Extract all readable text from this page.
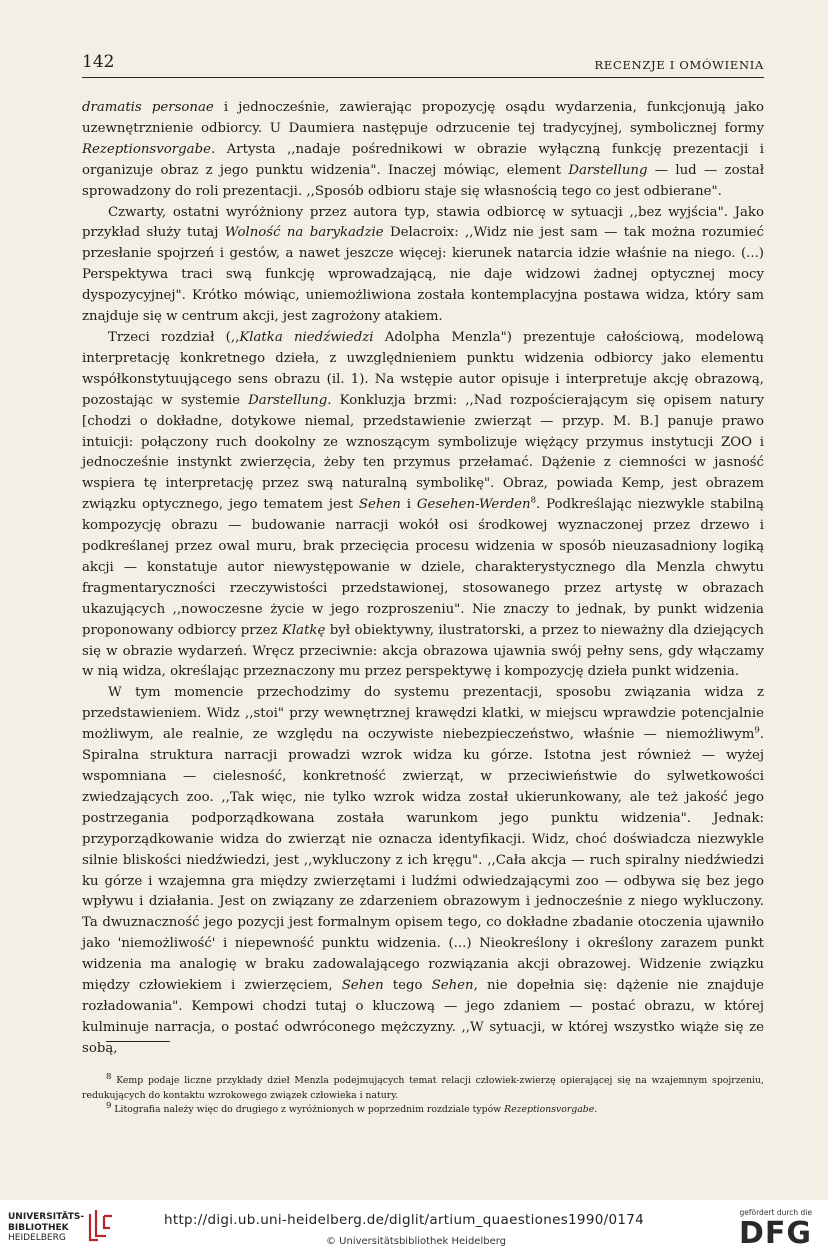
142	RECENZJE I OMÓWIENIA

dramatis personae i jednocześnie, zawierając propozycję osądu wydarzenia, funkcjonują jako uzewnętrznienie odbiorcy. U Daumiera następuje odrzucenie tej tradycyjnej, symbolicznej formy Rezeptionsvorgabe. Artysta ,,nadaje pośrednikowi w obrazie wyłączną funkcję prezentacji i organizuje obraz z jego punktu widzenia". Inaczej mówiąc, element Darstellung — lud — został sprowadzony do roli prezentacji. ,,Sposób odbioru staje się własnością tego co jest odbierane".

Czwarty, ostatni wyróżniony przez autora typ, stawia odbiorcę w sytuacji ,,bez wyjścia". Jako przykład służy tutaj Wolność na barykadzie Delacroix: ,,Widz nie jest sam — tak można rozumieć przesłanie spojrzeń i gestów, a nawet jeszcze więcej: kierunek natarcia idzie właśnie na niego. (...) Perspektywa traci swą funkcję wprowadzającą, nie daje widzowi żadnej optycznej mocy dyspozycyjnej". Krótko mówiąc, uniemożliwiona została kontemplacyjna postawa widza, który sam znajduje się w centrum akcji, jest zagrożony atakiem.

Trzeci rozdział (,,Klatka niedźwiedzi Adolpha Menzla") prezentuje całościową, modelową interpretację konkretnego dzieła, z uwzględnieniem punktu widzenia odbiorcy jako elementu współkonstytuującego sens obrazu (il. 1). Na wstępie autor opisuje i interpretuje akcję obrazową, pozostając w systemie Darstellung. Konkluzja brzmi: ,,Nad rozpościerającym się opisem natury [chodzi o dokładne, dotykowe niemal, przedstawienie zwierząt — przyp. M. B.] panuje prawo intuicji: połączony ruch dookolny ze wznoszącym symbolizuje więżący przymus instytucji ZOO i jednocześnie instynkt zwierzęcia, żeby ten przymus przełamać. Dążenie z ciemności w jasność wspiera tę interpretację przez swą naturalną symbolikę". Obraz, powiada Kemp, jest obrazem związku optycznego, jego tematem jest Sehen i Gesehen-Werden$^8$. Podkreślając niezwykle stabilną kompozycję obrazu — budowanie narracji wokół osi środkowej wyznaczonej przez drzewo i podkreślanej przez owal muru, brak przecięcia procesu widzenia w sposób nieuzasadniony logiką akcji — konstatuje autor niewystępowanie w dziele, charakterystycznego dla Menzla chwytu fragmentaryczności rzeczywistości przedstawionej, stosowanego przez artystę w obrazach ukazujących ,,nowoczesne życie w jego rozproszeniu". Nie znaczy to jednak, by punkt widzenia proponowany odbiorcy przez Klatkę był obiektywny, ilustratorski, a przez to nieważny dla dziejących się w obrazie wydarzeń. Wręcz przeciwnie: akcja obrazowa ujawnia swój pełny sens, gdy włączamy w nią widza, określając przeznaczony mu przez perspektywę i kompozycję dzieła punkt widzenia.

W tym momencie przechodzimy do systemu prezentacji, sposobu związania widza z przedstawieniem. Widz ,,stoi" przy wewnętrznej krawędzi klatki, w miejscu wprawdzie potencjalnie możliwym, ale realnie, ze względu na oczywiste niebezpieczeństwo, właśnie — niemożliwym$^9$. Spiralna struktura narracji prowadzi wzrok widza ku górze. Istotna jest również — wyżej wspomniana — cielesność, konkretność zwierząt, w przeciwieństwie do sylwetkowości zwiedzających zoo. ,,Tak więc, nie tylko wzrok widza został ukierunkowany, ale też jakość jego postrzegania podporządkowana została warunkom jego punktu widzenia". Jednak: przyporządkowanie widza do zwierząt nie oznacza identyfikacji. Widz, choć doświadcza niezwykle silnie bliskości niedźwiedzi, jest ,,wykluczony z ich kręgu". ,,Cała akcja — ruch spiralny niedźwiedzi ku górze i wzajemna gra między zwierzętami i ludźmi odwiedzającymi zoo — odbywa się bez jego wpływu i działania. Jest on związany ze zdarzeniem obrazowym i jednocześnie z niego wykluczony. Ta dwuznaczność jego pozycji jest formalnym opisem tego, co dokładne zbadanie otoczenia ujawniło jako 'niemożliwość' i niepewność punktu widzenia. (...) Nieokreślony i określony zarazem punkt widzenia ma analogię w braku zadowalającego rozwiązania akcji obrazowej. Widzenie związku między człowiekiem i zwierzęciem, Sehen tego Sehen, nie dopełnia się: dążenie nie znajduje rozładowania". Kempowi chodzi tutaj o kluczową — jego zdaniem — postać obrazu, w której kulminuje narracja, o postać odwróconego mężczyzny. ,,W sytuacji, w której wszystko wiąże się ze sobą,

$^8$ Kemp podaje liczne przykłady dzieł Menzla podejmujących temat relacji człowiek-zwierzę opierającej się na wzajemnym spojrzeniu, redukujących do kontaktu wzrokowego związek człowieka i natury.

$^9$ Litografia należy więc do drugiego z wyróżnionych w poprzednim rozdziale typów Rezeptionsvorgabe.

UNIVERSITÄTS-
BIBLIOTHEK
HEIDELBERG
http://digi.ub.uni-heidelberg.de/diglit/artium_quaestiones1990/0174
© Universitätsbibliothek Heidelberg
gefördert durch die
DFG
